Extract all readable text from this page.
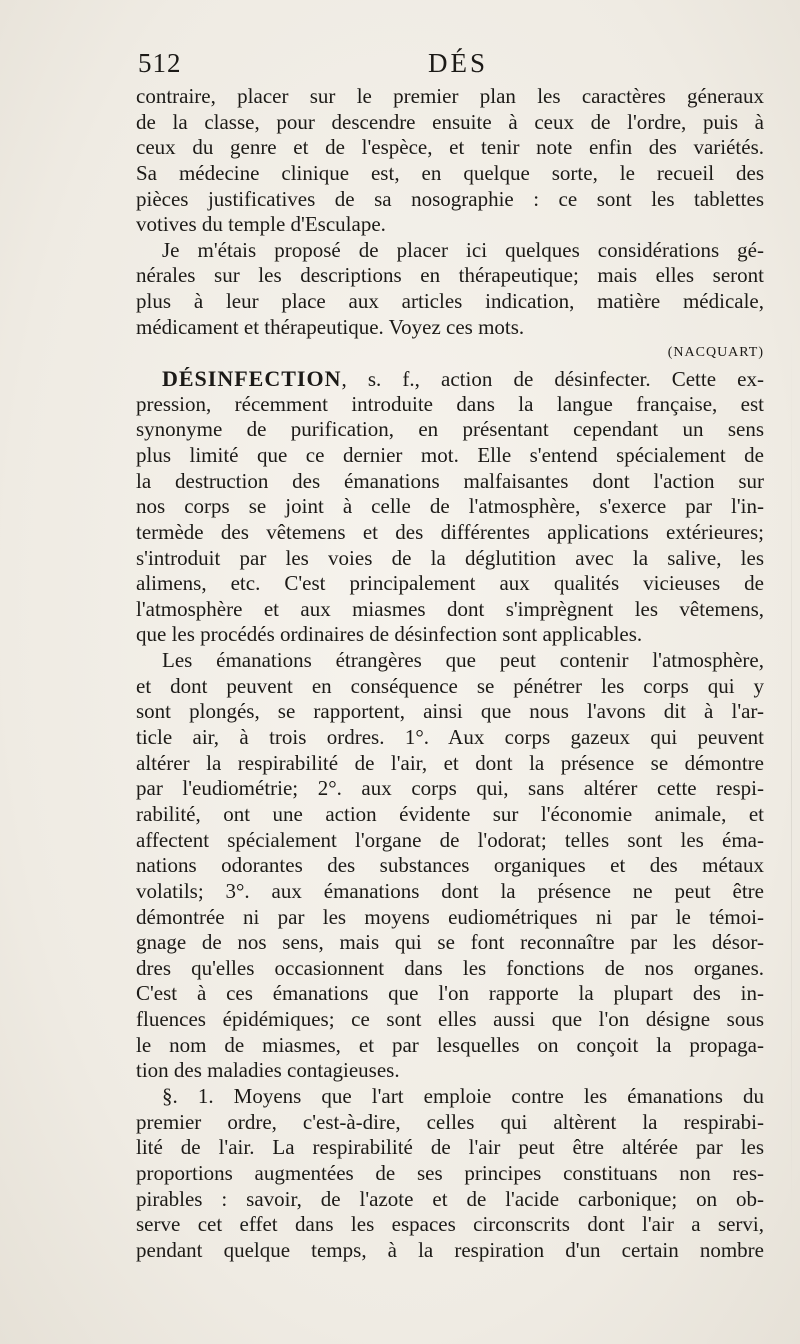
512	DÉS
contraire, placer sur le premier plan les caractères géneraux
de la classe, pour descendre ensuite à ceux de l'ordre, puis à
ceux du genre et de l'espèce, et tenir note enfin des variétés.
Sa médecine clinique est, en quelque sorte, le recueil des
pièces justificatives de sa nosographie : ce sont les tablettes
votives du temple d'Esculape.
Je m'étais proposé de placer ici quelques considérations gé-
nérales sur les descriptions en thérapeutique; mais elles seront
plus à leur place aux articles indication, matière médicale,
médicament et thérapeutique. Voyez ces mots.
(NACQUART)
DÉSINFECTION, s. f., action de désinfecter. Cette ex-
pression, récemment introduite dans la langue française, est
synonyme de purification, en présentant cependant un sens
plus limité que ce dernier mot. Elle s'entend spécialement de
la destruction des émanations malfaisantes dont l'action sur
nos corps se joint à celle de l'atmosphère, s'exerce par l'in-
termède des vêtemens et des différentes applications extérieures;
s'introduit par les voies de la déglutition avec la salive, les
alimens, etc. C'est principalement aux qualités vicieuses de
l'atmosphère et aux miasmes dont s'imprègnent les vêtemens,
que les procédés ordinaires de désinfection sont applicables.
Les émanations étrangères que peut contenir l'atmosphère,
et dont peuvent en conséquence se pénétrer les corps qui y
sont plongés, se rapportent, ainsi que nous l'avons dit à l'ar-
ticle air, à trois ordres. 1°. Aux corps gazeux qui peuvent
altérer la respirabilité de l'air, et dont la présence se démontre
par l'eudiométrie; 2°. aux corps qui, sans altérer cette respi-
rabilité, ont une action évidente sur l'économie animale, et
affectent spécialement l'organe de l'odorat; telles sont les éma-
nations odorantes des substances organiques et des métaux
volatils; 3°. aux émanations dont la présence ne peut être
démontrée ni par les moyens eudiométriques ni par le témoi-
gnage de nos sens, mais qui se font reconnaître par les désor-
dres qu'elles occasionnent dans les fonctions de nos organes.
C'est à ces émanations que l'on rapporte la plupart des in-
fluences épidémiques; ce sont elles aussi que l'on désigne sous
le nom de miasmes, et par lesquelles on conçoit la propaga-
tion des maladies contagieuses.
§. 1. Moyens que l'art emploie contre les émanations du
premier ordre, c'est-à-dire, celles qui altèrent la respirabi-
lité de l'air. La respirabilité de l'air peut être altérée par les
proportions augmentées de ses principes constituans non res-
pirables : savoir, de l'azote et de l'acide carbonique; on ob-
serve cet effet dans les espaces circonscrits dont l'air a servi,
pendant quelque temps, à la respiration d'un certain nombre
